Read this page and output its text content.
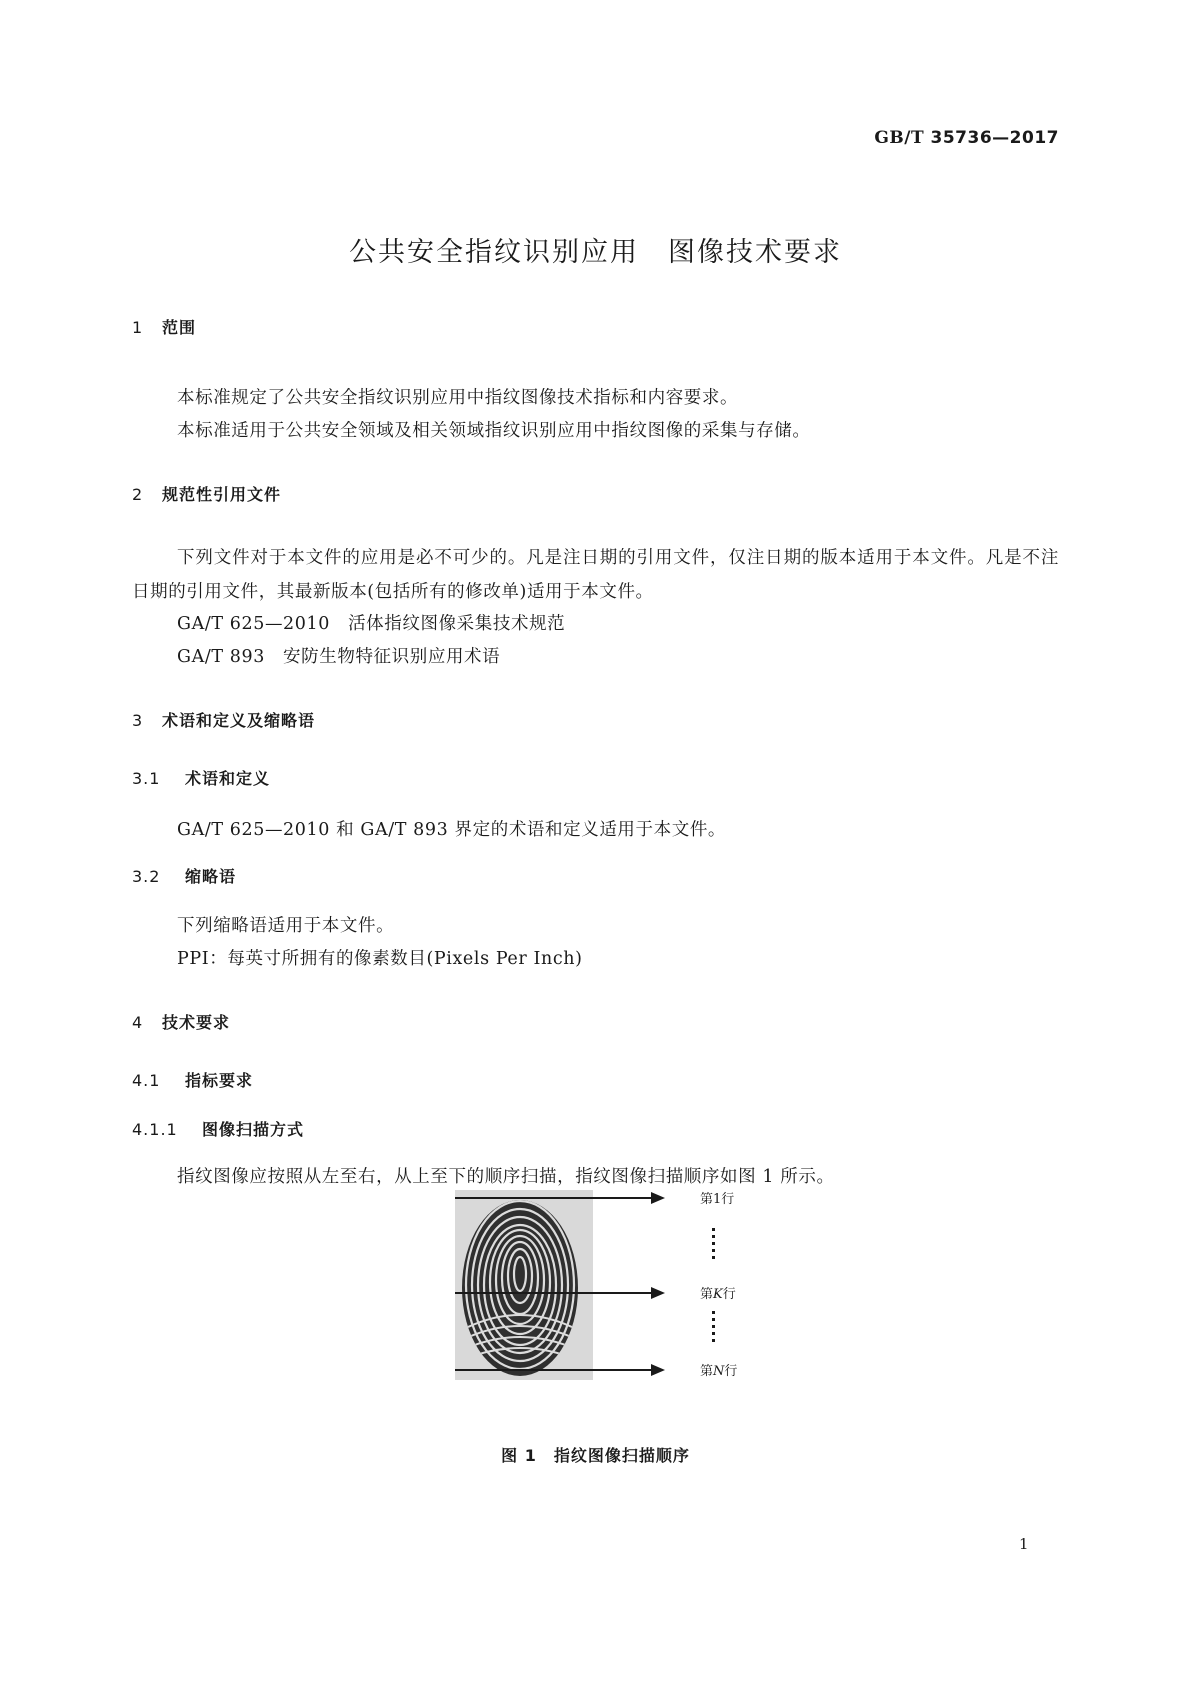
GB/T 35736—2017
公共安全指纹识别应用　图像技术要求
1 范围
本标准规定了公共安全指纹识别应用中指纹图像技术指标和内容要求。
本标准适用于公共安全领域及相关领域指纹识别应用中指纹图像的采集与存储。
2 规范性引用文件
下列文件对于本文件的应用是必不可少的。凡是注日期的引用文件，仅注日期的版本适用于本文件。凡是不注日期的引用文件，其最新版本(包括所有的修改单)适用于本文件。
GA/T 625—2010　活体指纹图像采集技术规范
GA/T 893　安防生物特征识别应用术语
3 术语和定义及缩略语
3.1 术语和定义
GA/T 625—2010 和 GA/T 893 界定的术语和定义适用于本文件。
3.2 缩略语
下列缩略语适用于本文件。
PPI：每英寸所拥有的像素数目(Pixels Per Inch)
4 技术要求
4.1 指标要求
4.1.1 图像扫描方式
指纹图像应按照从左至右，从上至下的顺序扫描，指纹图像扫描顺序如图 1 所示。
第1行
第K行
第N行
图 1　指纹图像扫描顺序
1
